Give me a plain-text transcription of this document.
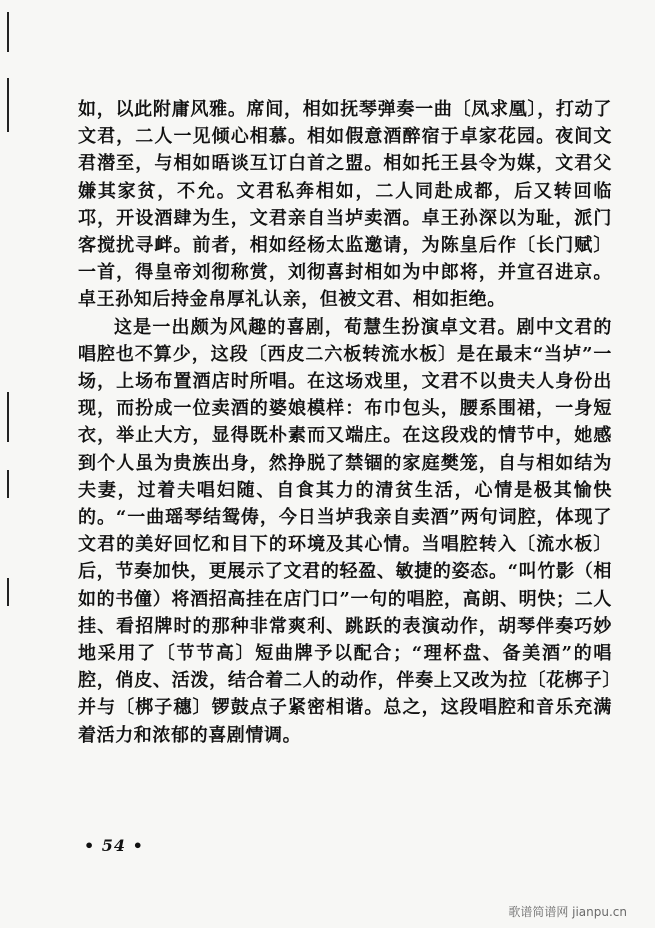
如，以此附庸风雅。席间，相如抚琴弹奏一曲〔凤求凰〕，打动了文君，二人一见倾心相慕。相如假意酒醉宿于卓家花园。夜间文君潜至，与相如晤谈互订白首之盟。相如托王县令为媒，文君父嫌其家贫，不允。文君私奔相如，二人同赴成都，后又转回临邛，开设酒肆为生，文君亲自当垆卖酒。卓王孙深以为耻，派门客搅扰寻衅。前者，相如经杨太监邀请，为陈皇后作〔长门赋〕一首，得皇帝刘彻称赏，刘彻喜封相如为中郎将，并宣召进京。卓王孙知后持金帛厚礼认亲，但被文君、相如拒绝。

这是一出颇为风趣的喜剧，荀慧生扮演卓文君。剧中文君的唱腔也不算少，这段〔西皮二六板转流水板〕是在最末“当垆”一场，上场布置酒店时所唱。在这场戏里，文君不以贵夫人身份出现，而扮成一位卖酒的婆娘模样：布巾包头，腰系围裙，一身短衣，举止大方，显得既朴素而又端庄。在这段戏的情节中，她感到个人虽为贵族出身，然挣脱了禁锢的家庭樊笼，自与相如结为夫妻，过着夫唱妇随、自食其力的清贫生活，心情是极其愉快的。“一曲瑶琴结鸳俦，今日当垆我亲自卖酒”两句词腔，体现了文君的美好回忆和目下的环境及其心情。当唱腔转入〔流水板〕后，节奏加快，更展示了文君的轻盈、敏捷的姿态。“叫竹影（相如的书僮）将酒招高挂在店门口”一句的唱腔，高朗、明快；二人挂、看招牌时的那种非常爽利、跳跃的表演动作，胡琴伴奏巧妙地采用了〔节节高〕短曲牌予以配合；“理杯盘、备美酒”的唱腔，俏皮、活泼，结合着二人的动作，伴奏上又改为拉〔花梆子〕并与〔梆子穗〕锣鼓点子紧密相谐。总之，这段唱腔和音乐充满着活力和浓郁的喜剧情调。

• 54 •
歌谱简谱网 jianpu.cn
